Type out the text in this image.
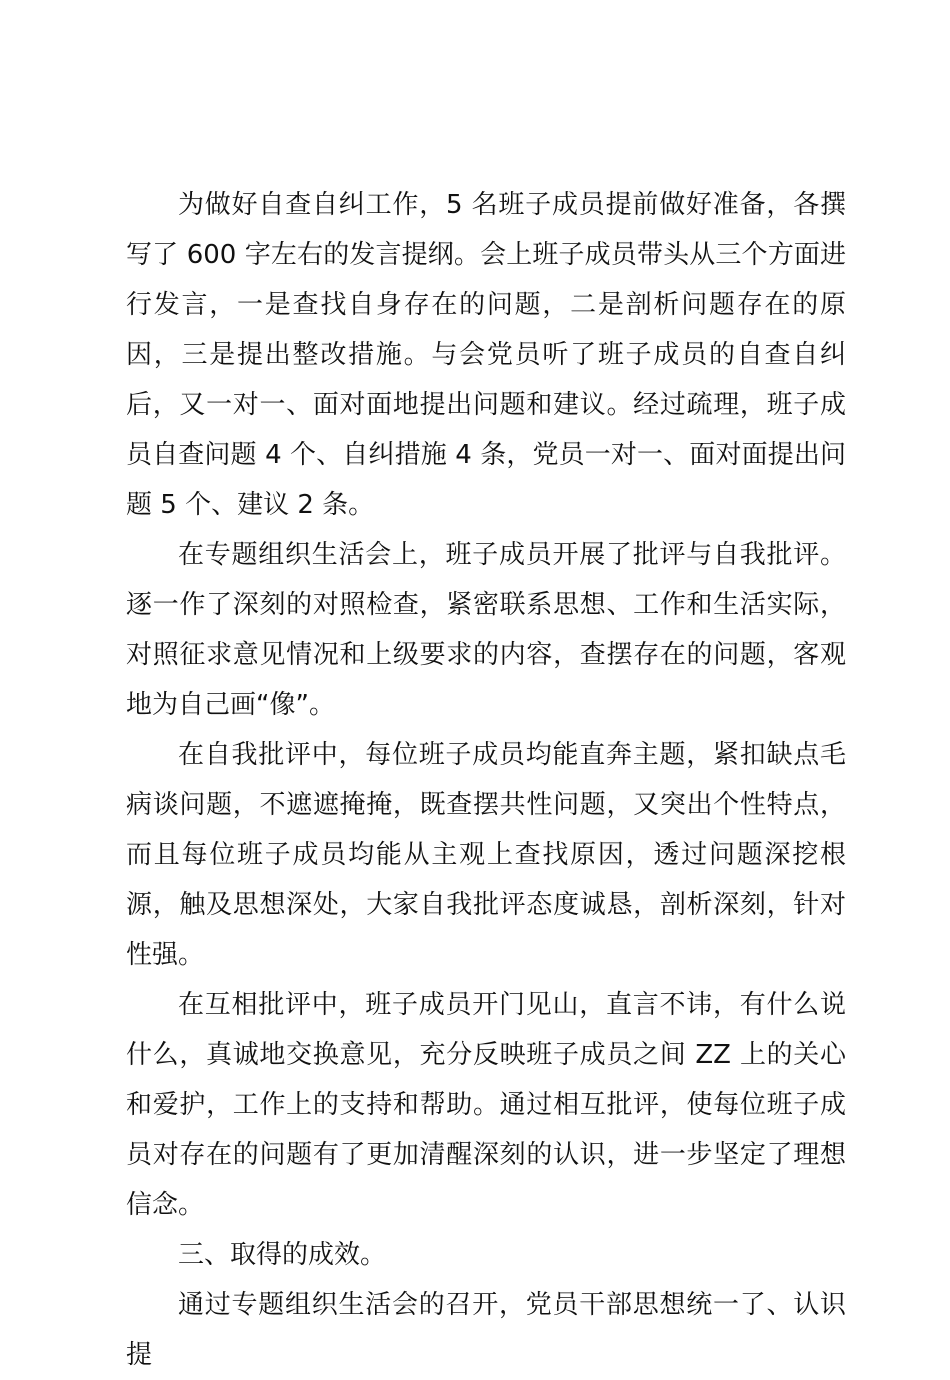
为做好自查自纠工作，5 名班子成员提前做好准备，各撰写了 600 字左右的发言提纲。会上班子成员带头从三个方面进行发言，一是查找自身存在的问题，二是剖析问题存在的原因，三是提出整改措施。与会党员听了班子成员的自查自纠后，又一对一、面对面地提出问题和建议。经过疏理，班子成员自查问题 4 个、自纠措施 4 条，党员一对一、面对面提出问题 5 个、建议 2 条。

在专题组织生活会上，班子成员开展了批评与自我批评。逐一作了深刻的对照检查，紧密联系思想、工作和生活实际，对照征求意见情况和上级要求的内容，查摆存在的问题，客观地为自己画“像”。

在自我批评中，每位班子成员均能直奔主题，紧扣缺点毛病谈问题，不遮遮掩掩，既查摆共性问题，又突出个性特点，而且每位班子成员均能从主观上查找原因，透过问题深挖根源，触及思想深处，大家自我批评态度诚恳，剖析深刻，针对性强。

在互相批评中，班子成员开门见山，直言不讳，有什么说什么，真诚地交换意见，充分反映班子成员之间 ZZ 上的关心和爱护，工作上的支持和帮助。通过相互批评，使每位班子成员对存在的问题有了更加清醒深刻的认识，进一步坚定了理想信念。

三、取得的成效。

通过专题组织生活会的召开，党员干部思想统一了、认识提
